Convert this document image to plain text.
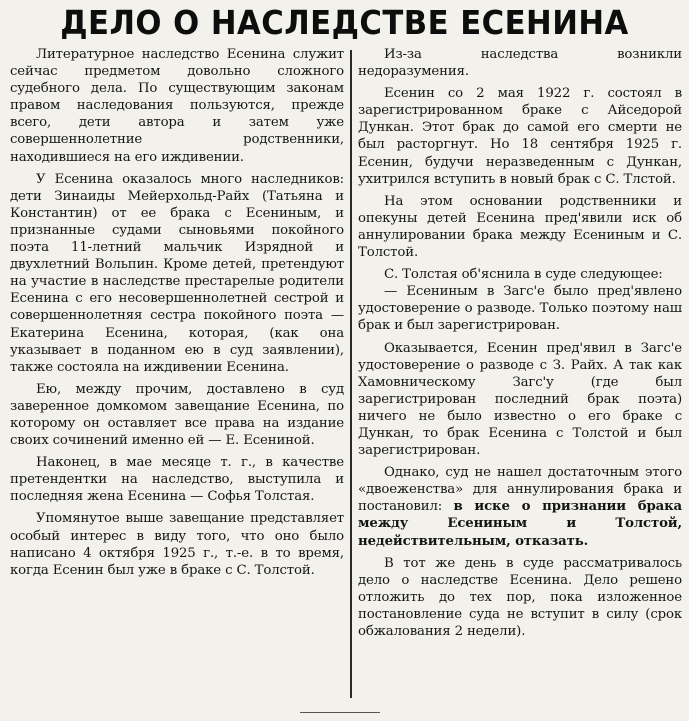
ДЕЛО О НАСЛЕДСТВЕ ЕСЕНИНА

Литературное наследство Есенина служит сейчас предметом довольно сложного судебного дела. По существующим законам правом наследования пользуются, прежде всего, дети автора и затем уже совершеннолетние родственники, находившиеся на его иждивении.

У Есенина оказалось много наследников: дети Зинаиды Мейерхольд-Райх (Татьяна и Константин) от ее брака с Есениным, и признанные судами сыновьями покойного поэта 11-летний мальчик Изрядной и двухлетний Вольпин. Кроме детей, претендуют на участие в наследстве престарелые родители Есенина с его несовершеннолетней сестрой и совершеннолетняя сестра покойного поэта — Екатерина Есенина, которая, (как она указывает в поданном ею в суд заявлении), также состояла на иждивении Есенина.

Ею, между прочим, доставлено в суд заверенное домкомом завещание Есенина, по которому он оставляет все права на издание своих сочинений именно ей — Е. Есениной.

Наконец, в мае месяце т. г., в качестве претендентки на наследство, выступила и последняя жена Есенина — Софья Толстая.

Упомянутое выше завещание представляет особый интерес в виду того, что оно было написано 4 октября 1925 г., т.-е. в то время, когда Есенин был уже в браке с С. Толстой.

Из-за наследства возникли недоразумения.

Есенин со 2 мая 1922 г. состоял в зарегистрированном браке с Айседорой Дункан. Этот брак до самой его смерти не был расторгнут. Но 18 сентября 1925 г. Есенин, будучи неразведенным с Дункан, ухитрился вступить в новый брак с С. Тлстой.

На этом основании родственники и опекуны детей Есенина пред'явили иск об аннулировании брака между Есениным и С. Толстой.

С. Толстая об'яснила в суде следующее:

— Есениным в Загс'е было пред'явлено удостоверение о разводе. Только поэтому наш брак и был зарегистрирован.

Оказывается, Есенин пред'явил в Загс'е удостоверение о разводе с З. Райх. А так как Хамовническому Загс'у (где был зарегистрирован последний брак поэта) ничего не было известно о его браке с Дункан, то брак Есенина с Толстой и был зарегистрирован.

Однако, суд не нашел достаточным этого «двоеженства» для аннулирования брака и постановил: в иске о признании брака между Есениным и Толстой, недействительным, отказать.

В тот же день в суде рассматривалось дело о наследстве Есенина. Дело решено отложить до тех пор, пока изложенное постановление суда не вступит в силу (срок обжалования 2 недели).
